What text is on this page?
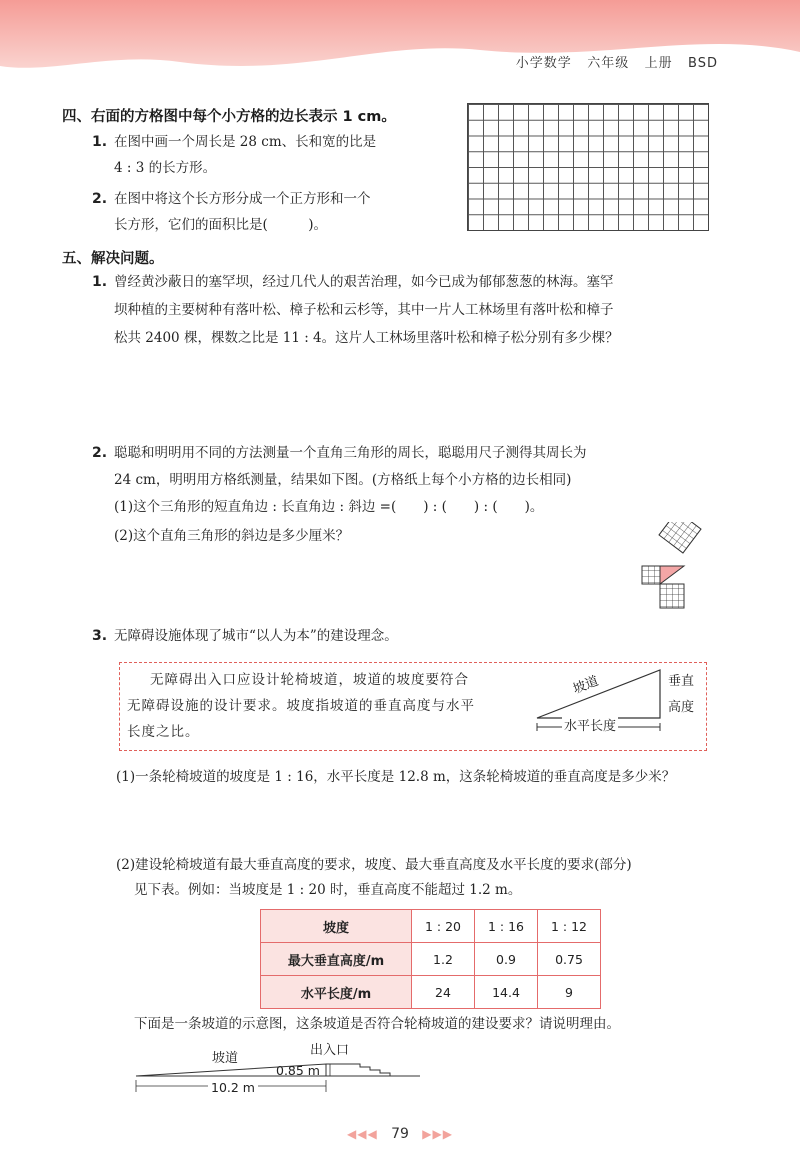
小学数学 六年级 上册 BSD
四、右面的方格图中每个小方格的边长表示 1 cm。
1. 在图中画一个周长是 28 cm、长和宽的比是
4 : 3 的长方形。
2. 在图中将这个长方形分成一个正方形和一个
长方形，它们的面积比是(　　　)。
五、解决问题。
1. 曾经黄沙蔽日的塞罕坝，经过几代人的艰苦治理，如今已成为郁郁葱葱的林海。塞罕
坝种植的主要树种有落叶松、樟子松和云杉等，其中一片人工林场里有落叶松和樟子
松共 2400 棵，棵数之比是 11 : 4。这片人工林场里落叶松和樟子松分别有多少棵？
2. 聪聪和明明用不同的方法测量一个直角三角形的周长，聪聪用尺子测得其周长为
24 cm，明明用方格纸测量，结果如下图。(方格纸上每个小方格的边长相同)
(1)这个三角形的短直角边 : 长直角边 : 斜边 =(　　) : (　　) : (　　)。
(2)这个直角三角形的斜边是多少厘米？
3. 无障碍设施体现了城市“以人为本”的建设理念。
无障碍出入口应设计轮椅坡道，坡道的坡度要符合
无障碍设施的设计要求。坡度指坡道的垂直高度与水平
长度之比。
坡道	垂直
高度
水平长度
(1)一条轮椅坡道的坡度是 1 : 16，水平长度是 12.8 m，这条轮椅坡道的垂直高度是多少米？
(2)建设轮椅坡道有最大垂直高度的要求，坡度、最大垂直高度及水平长度的要求(部分)
见下表。例如：当坡度是 1 : 20 时，垂直高度不能超过 1.2 m。
坡度	1 : 20	1 : 16	1 : 12
最大垂直高度/m	1.2	0.9	0.75
水平长度/m	24	14.4	9
下面是一条坡道的示意图，这条坡道是否符合轮椅坡道的建设要求？请说明理由。
坡道
出入口
0.85 m
10.2 m
◀◀◀ 79 ▶▶▶
